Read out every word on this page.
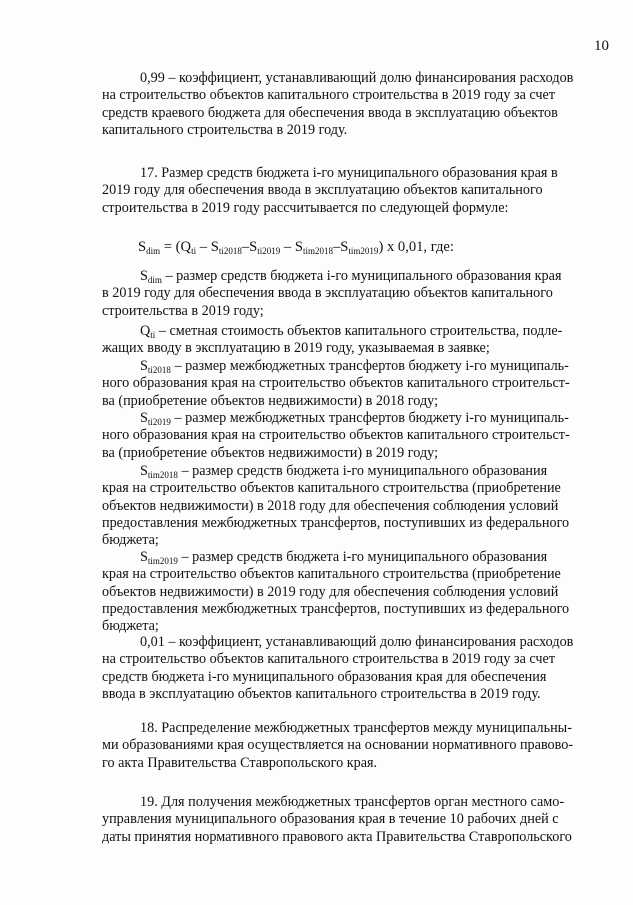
10
0,99 – коэффициент, устанавливающий долю финансирования расходов
на строительство объектов капитального строительства в 2019 году за счет
средств краевого бюджета для обеспечения ввода в эксплуатацию объектов
капитального строительства в 2019 году.
17. Размер средств бюджета i-го муниципального образования края в
2019 году для обеспечения ввода в эксплуатацию объектов капитального
строительства в 2019 году рассчитывается по следующей формуле:
$S_{dim} = (Q_{ti} - S_{ti2018}-S_{ti2019} - S_{tim2018}-S_{tim2019})$ x 0,01, где:
$S_{dim}$ – размер средств бюджета i-го муниципального образования края
в 2019 году для обеспечения ввода в эксплуатацию объектов капитального
строительства в 2019 году;
$Q_{ti}$ – сметная стоимость объектов капитального строительства, подле-
жащих вводу в эксплуатацию в 2019 году, указываемая в заявке;
$S_{ti2018}$ – размер межбюджетных трансфертов бюджету i-го муниципаль-
ного образования края на строительство объектов капитального строительст-
ва (приобретение объектов недвижимости) в 2018 году;
$S_{ti2019}$ – размер межбюджетных трансфертов бюджету i-го муниципаль-
ного образования края на строительство объектов капитального строительст-
ва (приобретение объектов недвижимости) в 2019 году;
$S_{tim2018}$ – размер средств бюджета i-го муниципального образования
края на строительство объектов капитального строительства (приобретение
объектов недвижимости) в 2018 году для обеспечения соблюдения условий
предоставления межбюджетных трансфертов, поступивших из федерального
бюджета;
$S_{tim2019}$ – размер средств бюджета i-го муниципального образования
края на строительство объектов капитального строительства (приобретение
объектов недвижимости) в 2019 году для обеспечения соблюдения условий
предоставления межбюджетных трансфертов, поступивших из федерального
бюджета;
0,01 – коэффициент, устанавливающий долю финансирования расходов
на строительство объектов капитального строительства в 2019 году за счет
средств бюджета i-го муниципального образования края для обеспечения
ввода в эксплуатацию объектов капитального строительства в 2019 году.
18. Распределение межбюджетных трансфертов между муниципальны-
ми образованиями края осуществляется на основании нормативного правово-
го акта Правительства Ставропольского края.
19. Для получения межбюджетных трансфертов орган местного само-
управления муниципального образования края в течение 10 рабочих дней с
даты принятия нормативного правового акта Правительства Ставропольского
